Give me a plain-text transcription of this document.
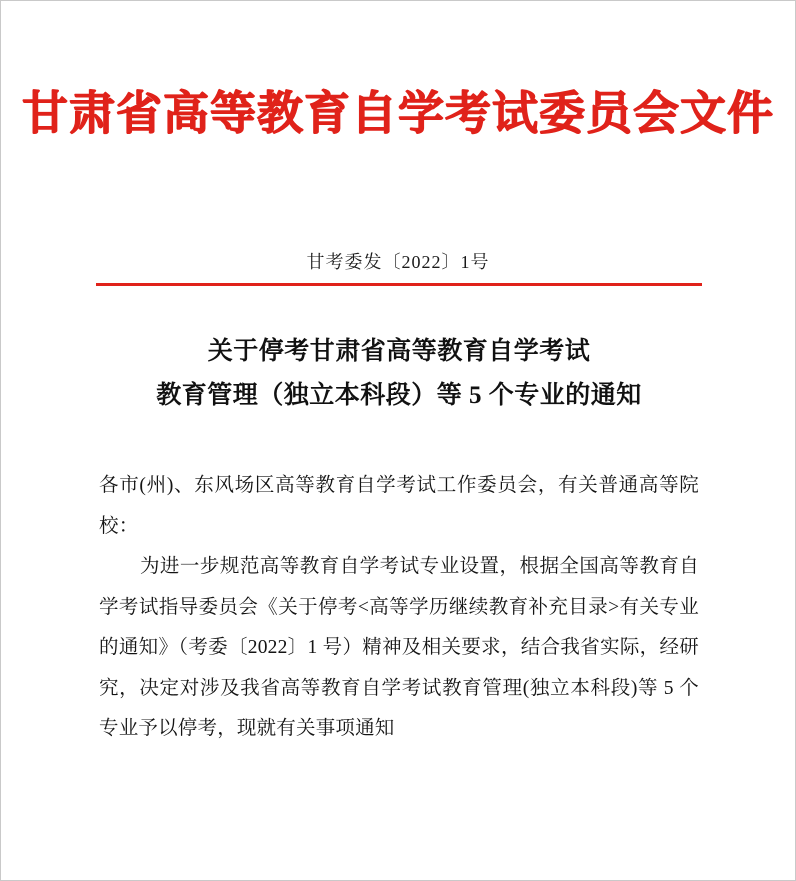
甘肃省高等教育自学考试委员会文件
甘考委发〔2022〕1号
关于停考甘肃省高等教育自学考试
教育管理（独立本科段）等 5 个专业的通知

各市(州)、东风场区高等教育自学考试工作委员会，有关普通高等院校：

为进一步规范高等教育自学考试专业设置，根据全国高等教育自学考试指导委员会《关于停考<高等学历继续教育补充目录>有关专业的通知》（考委〔2022〕1 号）精神及相关要求，结合我省实际，经研究，决定对涉及我省高等教育自学考试教育管理(独立本科段)等 5 个专业予以停考，现就有关事项通知
